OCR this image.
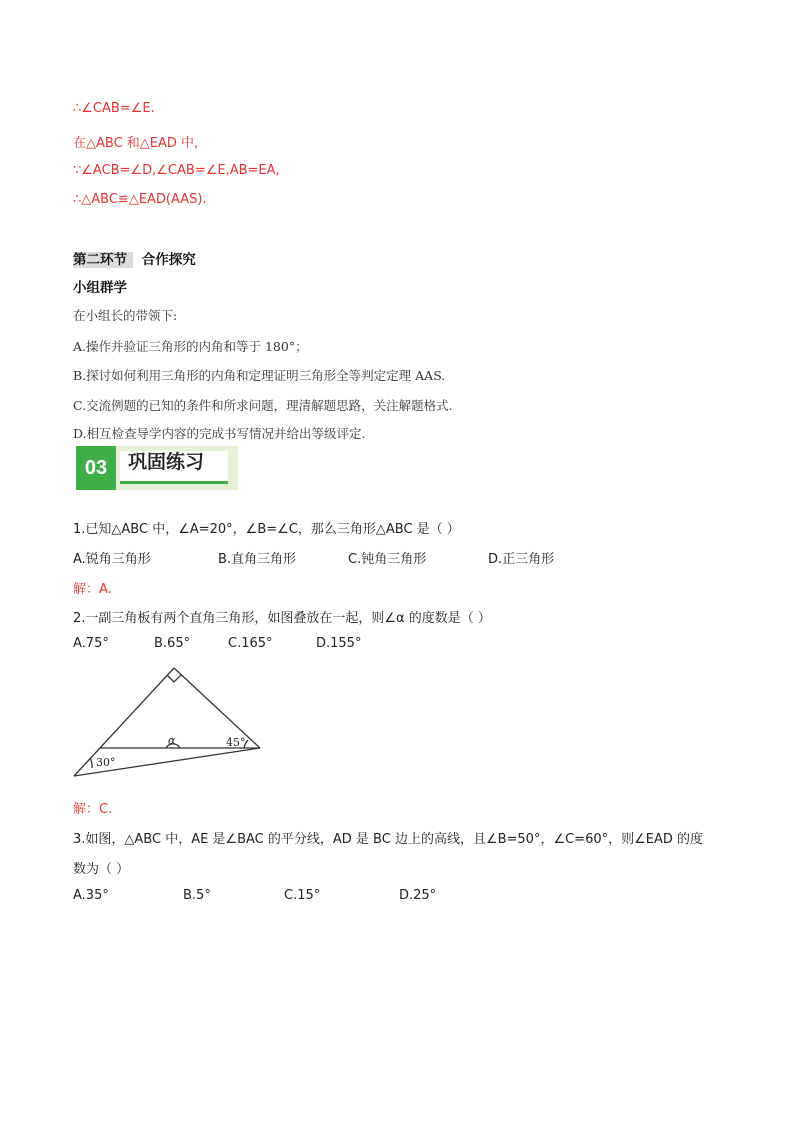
∴∠CAB=∠E.
在△ABC 和△EAD 中,
∵∠ACB=∠D,∠CAB=∠E,AB=EA,
∴△ABC≌△EAD(AAS).
第二环节 合作探究
小组群学
在小组长的带领下:
A.操作并验证三角形的内角和等于 180°；
B.探讨如何利用三角形的内角和定理证明三角形全等判定定理 AAS.
C.交流例题的已知的条件和所求问题，理清解题思路，关注解题格式.
D.相互检查导学内容的完成书写情况并给出等级评定.
03	巩固练习
1.已知△ABC 中，∠A=20°，∠B=∠C，那么三角形△ABC 是（ ）
A.锐角三角形	B.直角三角形	C.钝角三角形	D.正三角形
解：A.
2.一副三角板有两个直角三角形，如图叠放在一起，则∠α 的度数是（ ）
A.75°	B.65°	C.165°	D.155°
α	45°
30°
解：C.
3.如图，△ABC 中，AE 是∠BAC 的平分线，AD 是 BC 边上的高线，且∠B=50°，∠C=60°，则∠EAD 的度
数为（ ）
A.35°	B.5°	C.15°	D.25°
